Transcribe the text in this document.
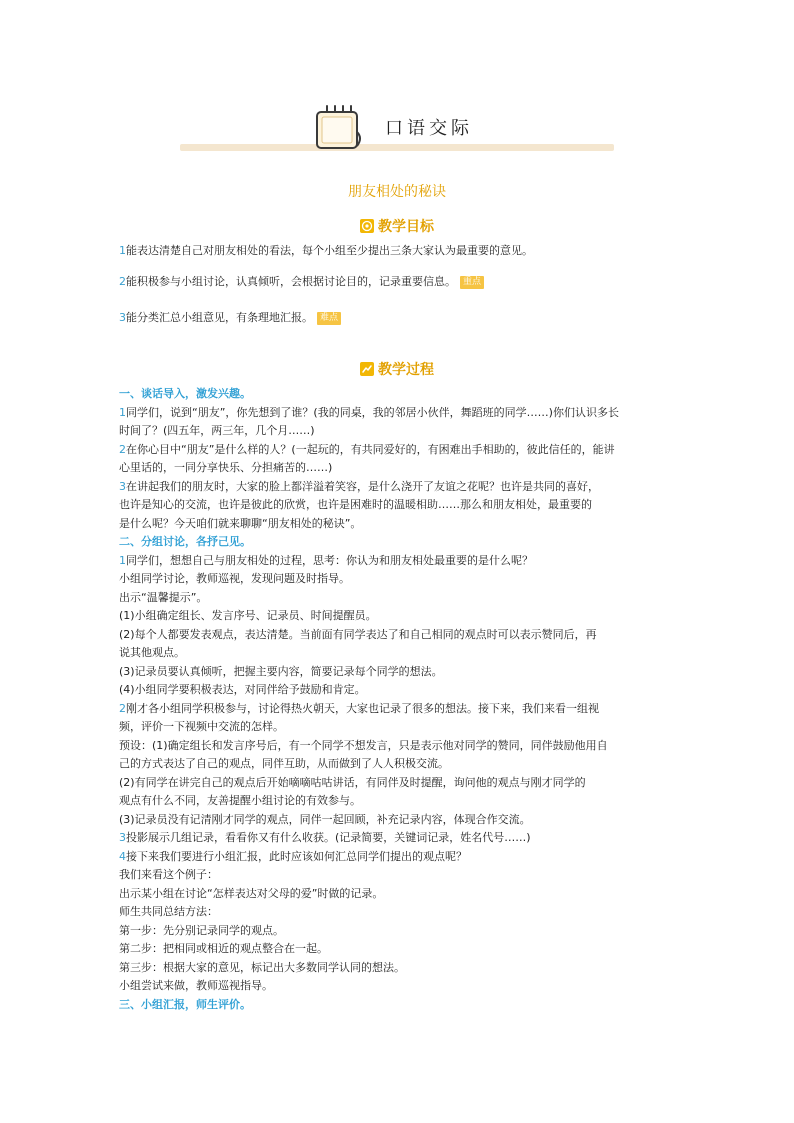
口语交际
朋友相处的秘诀
教学目标
1能表达清楚自己对朋友相处的看法，每个小组至少提出三条大家认为最重要的意见。
2能积极参与小组讨论，认真倾听，会根据讨论目的，记录重要信息。 重点
3能分类汇总小组意见，有条理地汇报。 难点
教学过程
一、谈话导入，激发兴趣。
1同学们，说到“朋友”，你先想到了谁？(我的同桌，我的邻居小伙伴，舞蹈班的同学……)你们认识多长
时间了？(四五年，两三年，几个月……)
2在你心目中“朋友”是什么样的人？(一起玩的，有共同爱好的，有困难出手相助的，彼此信任的，能讲
心里话的，一同分享快乐、分担痛苦的……)
3在讲起我们的朋友时，大家的脸上都洋溢着笑容，是什么浇开了友谊之花呢？也许是共同的喜好，
也许是知心的交流，也许是彼此的欣赏，也许是困难时的温暖相助……那么和朋友相处，最重要的
是什么呢？今天咱们就来聊聊“朋友相处的秘诀”。
二、分组讨论，各抒己见。
1同学们，想想自己与朋友相处的过程，思考：你认为和朋友相处最重要的是什么呢？
小组同学讨论，教师巡视，发现问题及时指导。
出示“温馨提示”。
(1)小组确定组长、发言序号、记录员、时间提醒员。
(2)每个人都要发表观点，表达清楚。当前面有同学表达了和自己相同的观点时可以表示赞同后，再
说其他观点。
(3)记录员要认真倾听，把握主要内容，简要记录每个同学的想法。
(4)小组同学要积极表达，对同伴给予鼓励和肯定。
2刚才各小组同学积极参与，讨论得热火朝天，大家也记录了很多的想法。接下来，我们来看一组视
频，评价一下视频中交流的怎样。
预设：(1)确定组长和发言序号后，有一个同学不想发言，只是表示他对同学的赞同，同伴鼓励他用自
己的方式表达了自己的观点，同伴互助，从而做到了人人积极交流。
(2)有同学在讲完自己的观点后开始嘀嘀咕咕讲话，有同伴及时提醒，询问他的观点与刚才同学的
观点有什么不同，友善提醒小组讨论的有效参与。
(3)记录员没有记清刚才同学的观点，同伴一起回顾，补充记录内容，体现合作交流。
3投影展示几组记录，看看你又有什么收获。(记录简要，关键词记录，姓名代号……)
4接下来我们要进行小组汇报，此时应该如何汇总同学们提出的观点呢？
我们来看这个例子：
出示某小组在讨论“怎样表达对父母的爱”时做的记录。
师生共同总结方法：
第一步：先分别记录同学的观点。
第二步：把相同或相近的观点整合在一起。
第三步：根据大家的意见，标记出大多数同学认同的想法。
小组尝试来做，教师巡视指导。
三、小组汇报，师生评价。
